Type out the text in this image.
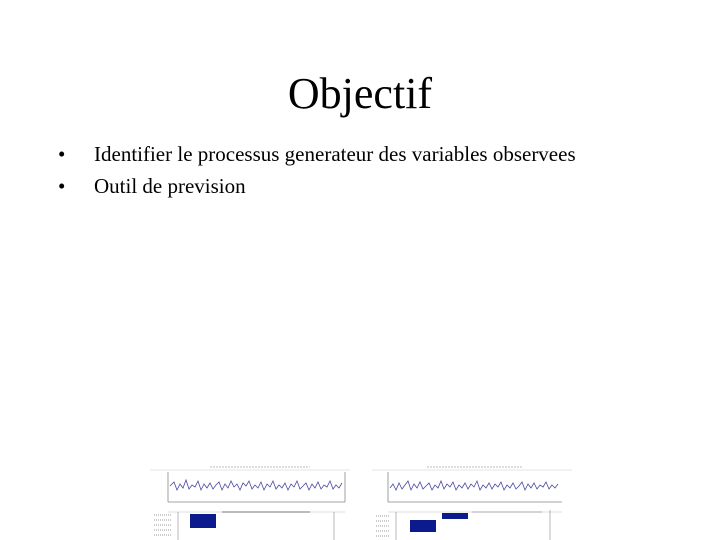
Objectif
•	Identifier le processus generateur des variables observees
•	Outil de prevision
